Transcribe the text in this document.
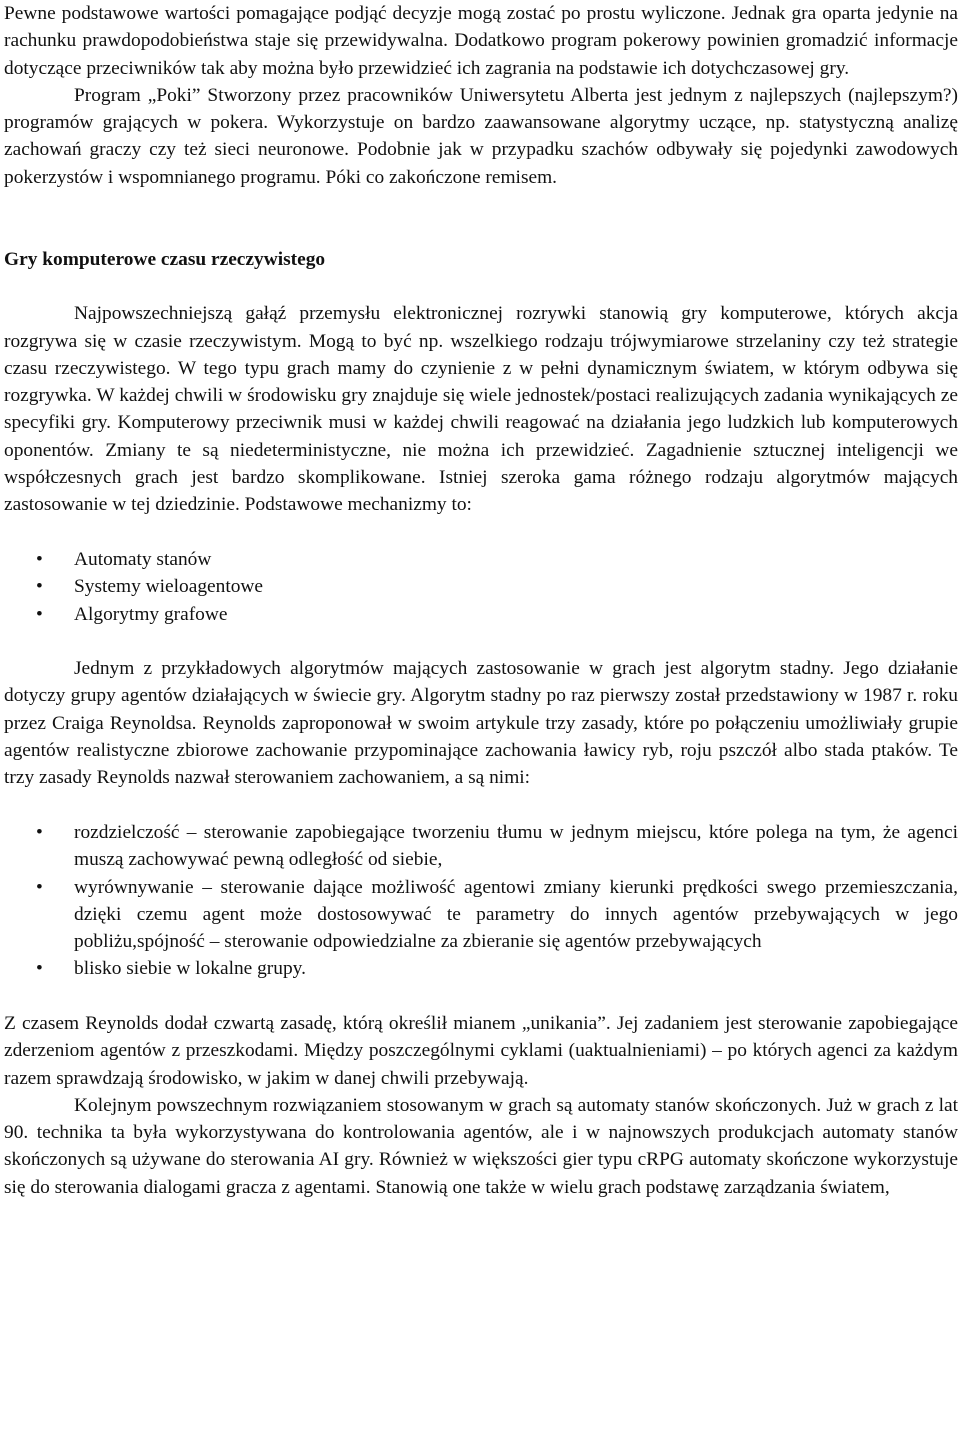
Pewne podstawowe wartości pomagające podjąć decyzje mogą zostać po prostu wyliczone. Jednak gra oparta jedynie na rachunku prawdopodobieństwa staje się przewidywalna. Dodatkowo program pokerowy powinien gromadzić informacje dotyczące przeciwników tak aby można było przewidzieć ich zagrania na podstawie ich dotychczasowej gry.

Program „Poki” Stworzony przez pracowników Uniwersytetu Alberta jest jednym z najlepszych (najlepszym?) programów grających w pokera. Wykorzystuje on bardzo zaawansowane algorytmy uczące, np. statystyczną analizę zachowań graczy czy też sieci neuronowe. Podobnie jak w przypadku szachów odbywały się pojedynki zawodowych pokerzystów i wspomnianego programu. Póki co zakończone remisem.

Gry komputerowe czasu rzeczywistego

Najpowszechniejszą gałąź przemysłu elektronicznej rozrywki stanowią gry komputerowe, których akcja rozgrywa się w czasie rzeczywistym. Mogą to być np. wszelkiego rodzaju trójwymiarowe strzelaniny czy też strategie czasu rzeczywistego. W tego typu grach mamy do czynienie z w pełni dynamicznym światem, w którym odbywa się rozgrywka. W każdej chwili w środowisku gry znajduje się wiele jednostek/postaci realizujących zadania wynikających ze specyfiki gry. Komputerowy przeciwnik musi w każdej chwili reagować na działania jego ludzkich lub komputerowych oponentów. Zmiany te są niedeterministyczne, nie można ich przewidzieć. Zagadnienie sztucznej inteligencji we współczesnych grach jest bardzo skomplikowane. Istniej szeroka gama różnego rodzaju algorytmów mających zastosowanie w tej dziedzinie. Podstawowe mechanizmy to:

• Automaty stanów
• Systemy wieloagentowe
• Algorytmy grafowe

Jednym z przykładowych algorytmów mających zastosowanie w grach jest algorytm stadny. Jego działanie dotyczy grupy agentów działających w świecie gry. Algorytm stadny po raz pierwszy został przedstawiony w 1987 r. roku przez Craiga Reynoldsa. Reynolds zaproponował w swoim artykule trzy zasady, które po połączeniu umożliwiały grupie agentów realistyczne zbiorowe zachowanie przypominające zachowania ławicy ryb, roju pszczół albo stada ptaków. Te trzy zasady Reynolds nazwał sterowaniem zachowaniem, a są nimi:

• rozdzielczość – sterowanie zapobiegające tworzeniu tłumu w jednym miejscu, które polega na tym, że agenci muszą zachowywać pewną odległość od siebie,
• wyrównywanie – sterowanie dające możliwość agentowi zmiany kierunki prędkości swego przemieszczania, dzięki czemu agent może dostosowywać te parametry do innych agentów przebywających w jego pobliżu,spójność – sterowanie odpowiedzialne za zbieranie się agentów przebywających
• blisko siebie w lokalne grupy.

Z czasem Reynolds dodał czwartą zasadę, którą określił mianem „unikania”. Jej zadaniem jest sterowanie zapobiegające zderzeniom agentów z przeszkodami. Między poszczególnymi cyklami (uaktualnieniami) – po których agenci za każdym razem sprawdzają środowisko, w jakim w danej chwili przebywają.

Kolejnym powszechnym rozwiązaniem stosowanym w grach są automaty stanów skończonych. Już w grach z lat 90. technika ta była wykorzystywana do kontrolowania agentów, ale i w najnowszych produkcjach automaty stanów skończonych są używane do sterowania AI gry. Również w większości gier typu cRPG automaty skończone wykorzystuje się do sterowania dialogami gracza z agentami. Stanowią one także w wielu grach podstawę zarządzania światem,
